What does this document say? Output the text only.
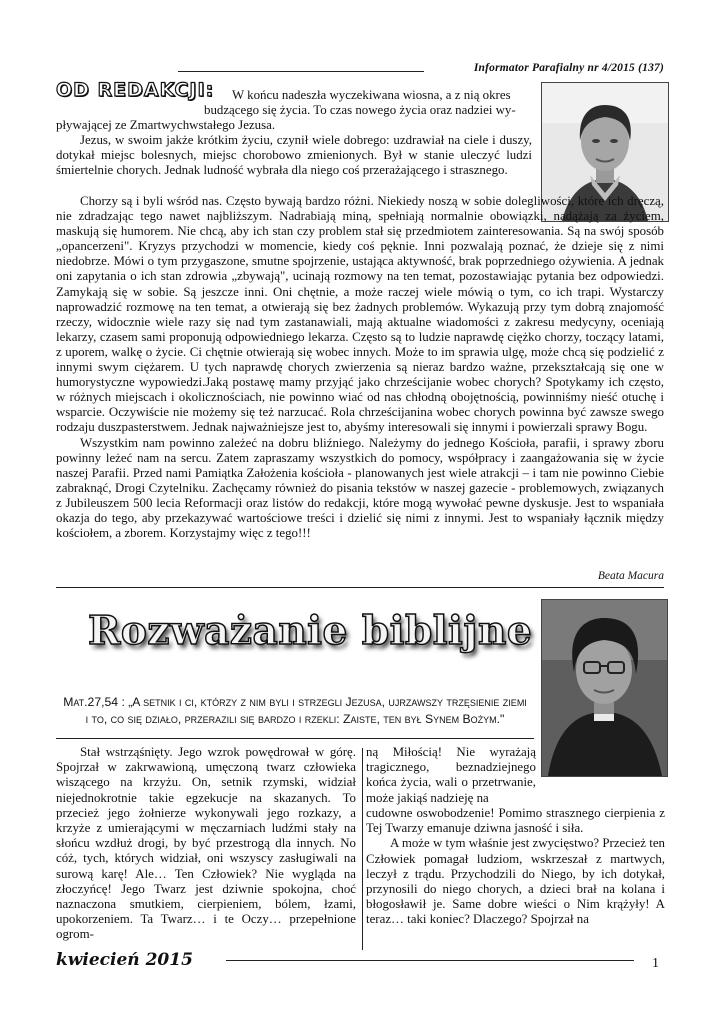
Informator Parafialny nr 4/2015 (137)
OD REDAKCJI: W końcu nadeszła wyczekiwana wiosna, a z nią okres
budzącego się życia. To czas nowego życia oraz nadziei wy-

pływającej ze Zmartwychwstałego Jezusa.

Jezus, w swoim jakże krótkim życiu, czynił wiele dobrego: uzdrawiał na ciele i duszy, dotykał miejsc bolesnych, miejsc chorobowo zmienionych. Był w stanie uleczyć ludzi śmiertelnie chorych. Jednak ludność wybrała dla niego coś przerażającego i strasznego.

Chorzy są i byli wśród nas. Często bywają bardzo różni. Niekiedy noszą w sobie dolegliwości, które ich dręczą, nie zdradzając tego nawet najbliższym. Nadrabiają miną, spełniają normalnie obowiązki, nadążają za życiem, maskują się humorem. Nie chcą, aby ich stan czy problem stał się przedmiotem zainteresowania. Są na swój sposób „opancerzeni". Kryzys przychodzi w momencie, kiedy coś pęknie. Inni pozwalają poznać, że dzieje się z nimi niedobrze. Mówi o tym przygaszone, smutne spojrzenie, ustająca aktywność, brak poprzedniego ożywienia. A jednak oni zapytania o ich stan zdrowia „zbywają", ucinają rozmowy na ten temat, pozostawiając pytania bez odpowiedzi. Zamykają się w sobie. Są jeszcze inni. Oni chętnie, a może raczej wiele mówią o tym, co ich trapi. Wystarczy naprowadzić rozmowę na ten temat, a otwierają się bez żadnych problemów. Wykazują przy tym dobrą znajomość rzeczy, widocznie wiele razy się nad tym zastanawiali, mają aktualne wiadomości z zakresu medycyny, oceniają lekarzy, czasem sami proponują odpowiedniego lekarza. Często są to ludzie naprawdę ciężko chorzy, toczący latami, z uporem, walkę o życie. Ci chętnie otwierają się wobec innych. Może to im sprawia ulgę, może chcą się podzielić z innymi swym ciężarem. U tych naprawdę chorych zwierzenia są nieraz bardzo ważne, przekształcają się one w humorystyczne wypowiedzi.Jaką postawę mamy przyjąć jako chrześcijanie wobec chorych? Spotykamy ich często, w różnych miejscach i okolicznościach, nie powinno wiać od nas chłodną obojętnością, powinniśmy nieść otuchę i wsparcie. Oczywiście nie możemy się też narzucać. Rola chrześcijanina wobec chorych powinna być zawsze swego rodzaju duszpasterstwem. Jednak najważniejsze jest to, abyśmy interesowali się innymi i powierzali sprawy Bogu.

Wszystkim nam powinno zależeć na dobru bliźniego. Należymy do jednego Kościoła, parafii, i sprawy zboru powinny leżeć nam na sercu. Zatem zapraszamy wszystkich do pomocy, współpracy i zaangażowania się w życie naszej Parafii. Przed nami Pamiątka Założenia kościoła - planowanych jest wiele atrakcji – i tam nie powinno Ciebie zabraknąć, Drogi Czytelniku. Zachęcamy również do pisania tekstów w naszej gazecie - problemowych, związanych z Jubileuszem 500 lecia Reformacji oraz listów do redakcji, które mogą wywołać pewne dyskusje. Jest to wspaniała okazja do tego, aby przekazywać wartościowe treści i dzielić się nimi z innymi. Jest to wspaniały łącznik między kościołem, a zborem. Korzystajmy więc z tego!!!

Beata Macura
Rozważanie biblijne
Mat.27,54 : „A setnik i ci, którzy z nim byli i strzegli Jezusa, ujrzawszy trzęsienie ziemi
i to, co się działo, przerazili się bardzo i rzekli: Zaiste, ten był Synem Bożym."

Stał wstrząśnięty. Jego wzrok powędrował w górę. Spojrzał w zakrwawioną, umęczoną twarz człowieka wiszącego na krzyżu. On, setnik rzymski, widział niejednokrotnie takie egzekucje na skazanych. To przecież jego żołnierze wykonywali jego rozkazy, a krzyże z umierającymi w męczarniach ludźmi stały na słońcu wzdłuż drogi, by być przestrogą dla innych. No cóż, tych, których widział, oni wszyscy zasługiwali na surową karę! Ale… Ten Człowiek? Nie wygląda na złoczyńcę! Jego Twarz jest dziwnie spokojna, choć naznaczona smutkiem, cierpieniem, bólem, łzami, upokorzeniem. Ta Twarz… i te Oczy… przepełnione ogrom-

ną Miłością! Nie wyrażają tragicznego, beznadziejnego końca życia, wali o przetrwanie, może jakiąś nadzieję na

cudowne oswobodzenie! Pomimo strasznego cierpienia z Tej Twarzy emanuje dziwna jasność i siła.

A może w tym właśnie jest zwycięstwo? Przecież ten Człowiek pomagał ludziom, wskrzeszał z martwych, leczył z trądu. Przychodzili do Niego, by ich dotykał, przynosili do niego chorych, a dzieci brał na kolana i błogosławił je. Same dobre wieści o Nim krążyły! A teraz… taki koniec? Dlaczego? Spojrzał na

kwiecień 2015	1
